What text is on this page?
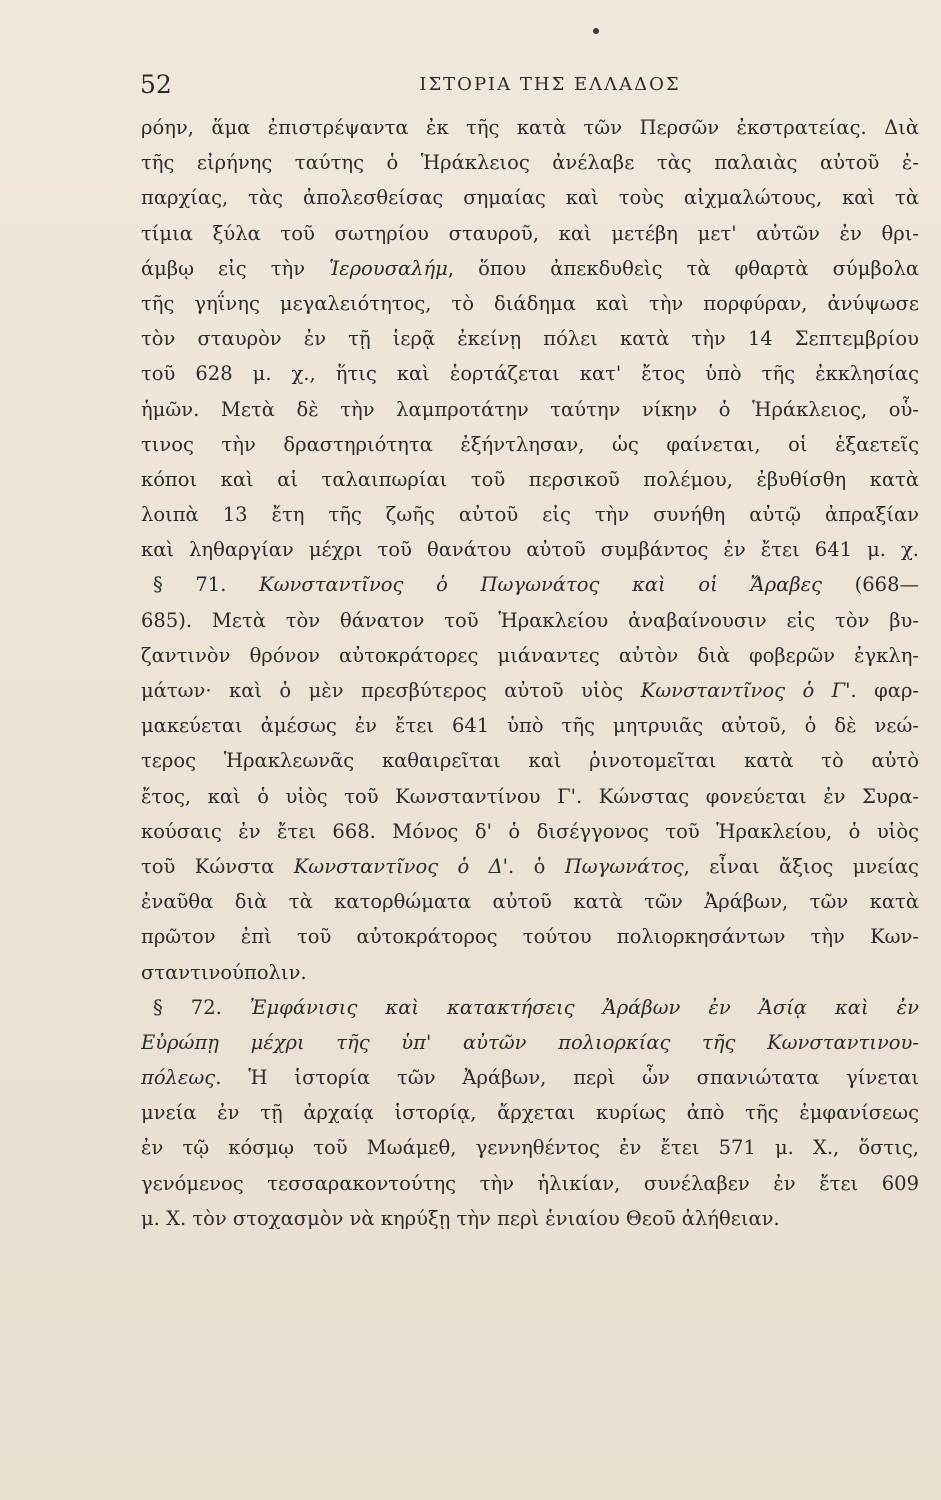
52	ΙΣΤΟΡΙΑ ΤΗΣ ΕΛΛΑΔΟΣ
ρόην, ἅμα ἐπιστρέψαντα ἐκ τῆς κατὰ τῶν Περσῶν ἐκστρατείας. Διὰ
τῆς εἰρήνης ταύτης ὁ Ἡράκλειος ἀνέλαβε τὰς παλαιὰς αὐτοῦ ἐ-
παρχίας, τὰς ἀπολεσθείσας σημαίας καὶ τοὺς αἰχμαλώτους, καὶ τὰ
τίμια ξύλα τοῦ σωτηρίου σταυροῦ, καὶ μετέβη μετ' αὐτῶν ἐν θρι-
άμβῳ εἰς τὴν Ἱερουσαλήμ, ὅπου ἀπεκδυθεὶς τὰ φθαρτὰ σύμβολα
τῆς γηΐνης μεγαλειότητος, τὸ διάδημα καὶ τὴν πορφύραν, ἀνύψωσε
τὸν σταυρὸν ἐν τῇ ἱερᾷ ἐκείνῃ πόλει κατὰ τὴν 14 Σεπτεμβρίου
τοῦ 628 μ. χ., ἥτις καὶ ἑορτάζεται κατ' ἔτος ὑπὸ τῆς ἐκκλησίας
ἡμῶν. Μετὰ δὲ τὴν λαμπροτάτην ταύτην νίκην ὁ Ἡράκλειος, οὗ-
τινος τὴν δραστηριότητα ἐξήντλησαν, ὡς φαίνεται, οἱ ἑξαετεῖς
κόποι καὶ αἱ ταλαιπωρίαι τοῦ περσικοῦ πολέμου, ἐβυθίσθη κατὰ
λοιπὰ 13 ἔτη τῆς ζωῆς αὐτοῦ εἰς τὴν συνήθη αὐτῷ ἀπραξίαν
καὶ ληθαργίαν μέχρι τοῦ θανάτου αὐτοῦ συμβάντος ἐν ἔτει 641 μ. χ.
§ 71. Κωνσταντῖνος ὁ Πωγωνάτος καὶ οἱ Ἄραβες (668—
685). Μετὰ τὸν θάνατον τοῦ Ἡρακλείου ἀναβαίνουσιν εἰς τὸν βυ-
ζαντινὸν θρόνον αὐτοκράτορες μιάναντες αὐτὸν διὰ φοβερῶν ἐγκλη-
μάτων· καὶ ὁ μὲν πρεσβύτερος αὐτοῦ υἱὸς Κωνσταντῖνος ὁ Γ'. φαρ-
μακεύεται ἀμέσως ἐν ἔτει 641 ὑπὸ τῆς μητρυιᾶς αὐτοῦ, ὁ δὲ νεώ-
τερος Ἡρακλεωνᾶς καθαιρεῖται καὶ ῥινοτομεῖται κατὰ τὸ αὐτὸ
ἔτος, καὶ ὁ υἱὸς τοῦ Κωνσταντίνου Γ'. Κώνστας φονεύεται ἐν Συρα-
κούσαις ἐν ἔτει 668. Μόνος δ' ὁ δισέγγονος τοῦ Ἡρακλείου, ὁ υἱὸς
τοῦ Κώνστα Κωνσταντῖνος ὁ Δ'. ὁ Πωγωνάτος, εἶναι ἄξιος μνείας
ἐναῦθα διὰ τὰ κατορθώματα αὐτοῦ κατὰ τῶν Ἀράβων, τῶν κατὰ
πρῶτον ἐπὶ τοῦ αὐτοκράτορος τούτου πολιορκησάντων τὴν Κων-
σταντινούπολιν.
§ 72. Ἐμφάνισις καὶ κατακτήσεις Ἀράβων ἐν Ἀσίᾳ καὶ ἐν
Εὐρώπῃ μέχρι τῆς ὑπ' αὐτῶν πολιορκίας τῆς Κωνσταντινου-
πόλεως. Ἡ ἱστορία τῶν Ἀράβων, περὶ ὧν σπανιώτατα γίνεται
μνεία ἐν τῇ ἀρχαίᾳ ἱστορίᾳ, ἄρχεται κυρίως ἀπὸ τῆς ἐμφανίσεως
ἐν τῷ κόσμῳ τοῦ Μωάμεθ, γεννηθέντος ἐν ἔτει 571 μ. Χ., ὅστις,
γενόμενος τεσσαρακοντούτης τὴν ἡλικίαν, συνέλαβεν ἐν ἔτει 609
μ. Χ. τὸν στοχασμὸν νὰ κηρύξῃ τὴν περὶ ἑνιαίου Θεοῦ ἀλήθειαν.
